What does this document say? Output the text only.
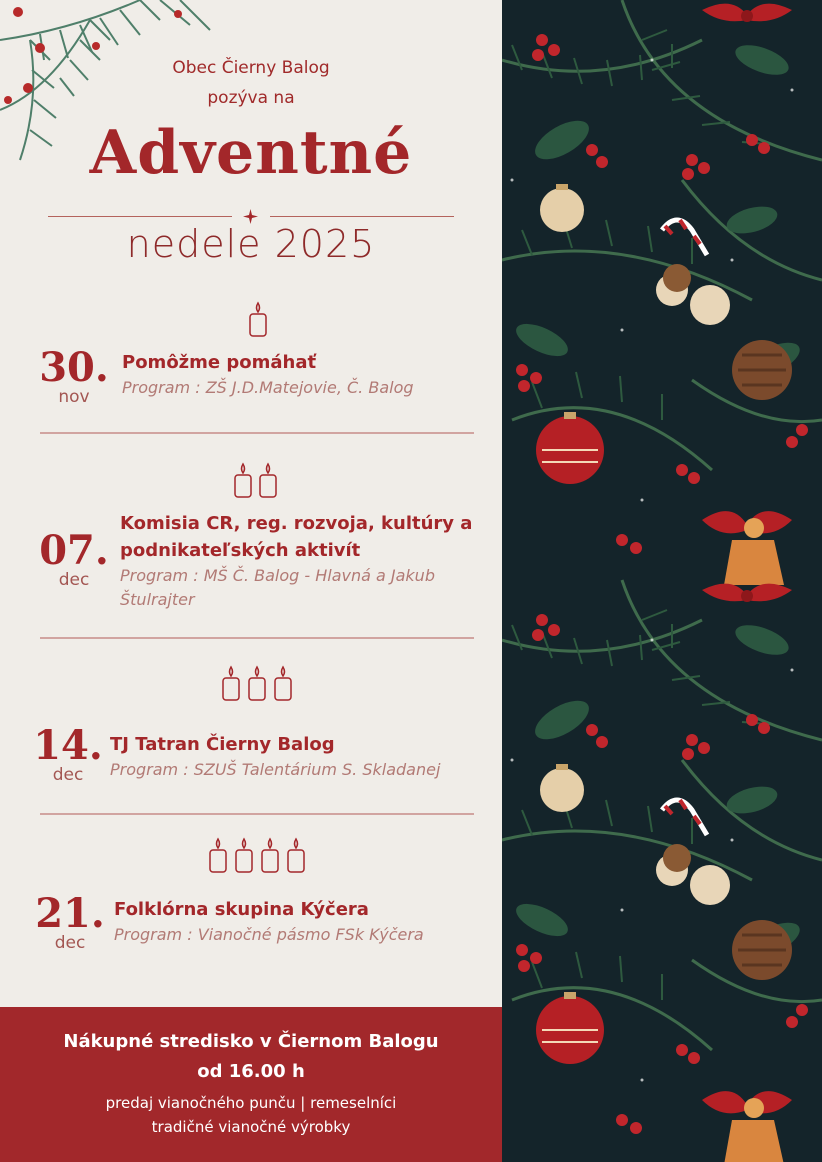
Obec Čierny Balog
pozýva na
Adventné
nedele 2025
30.
nov
Pomôžme pomáhať
Program : ZŠ J.D.Matejovie, Č. Balog
07.
dec
Komisia CR, reg. rozvoja, kultúry a
podnikateľských aktivít
Program : MŠ Č. Balog - Hlavná a Jakub
Štulrajter
14.
dec
TJ Tatran Čierny Balog
Program : SZUŠ Talentárium S. Skladanej
21.
dec
Folklórna skupina Kýčera
Program : Vianočné pásmo FSk Kýčera
Nákupné stredisko v Čiernom Balogu
od 16.00 h
predaj vianočného punču | remeselníci
tradičné vianočné výrobky
